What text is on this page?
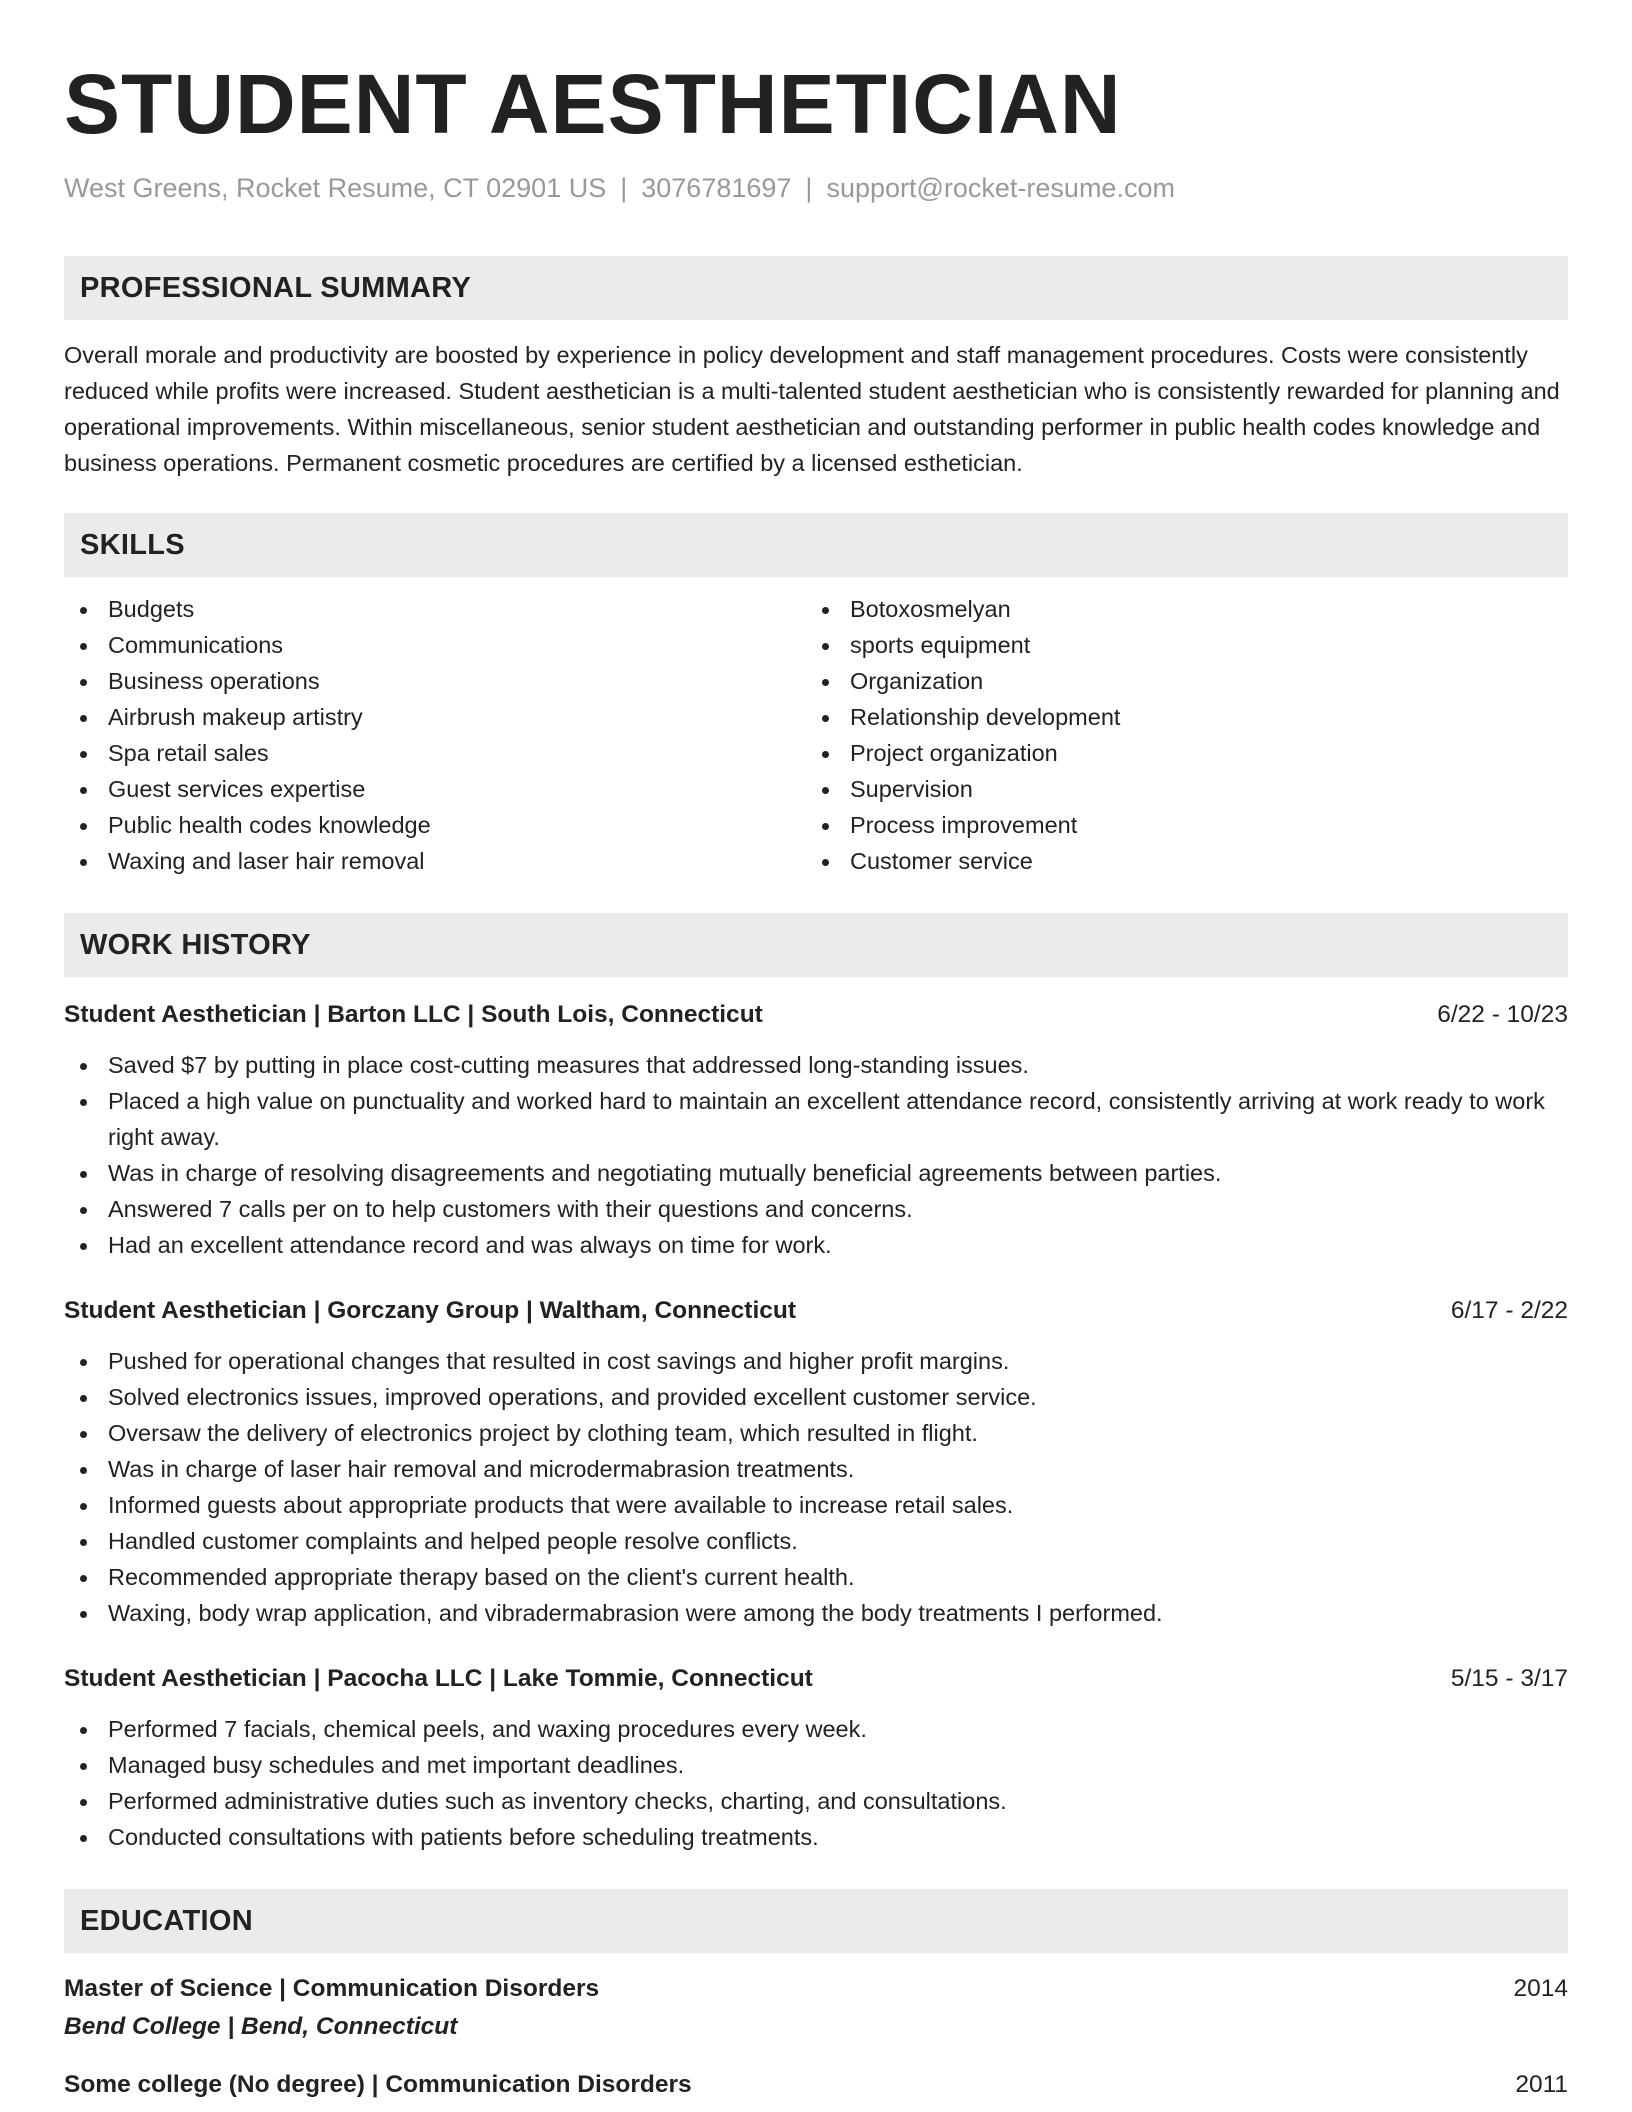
STUDENT AESTHETICIAN
West Greens, Rocket Resume, CT 02901 US | 3076781697 | support@rocket-resume.com
PROFESSIONAL SUMMARY
Overall morale and productivity are boosted by experience in policy development and staff management procedures. Costs were consistently reduced while profits were increased. Student aesthetician is a multi-talented student aesthetician who is consistently rewarded for planning and operational improvements. Within miscellaneous, senior student aesthetician and outstanding performer in public health codes knowledge and business operations. Permanent cosmetic procedures are certified by a licensed esthetician.
SKILLS
Budgets
Communications
Business operations
Airbrush makeup artistry
Spa retail sales
Guest services expertise
Public health codes knowledge
Waxing and laser hair removal
Botoxosmelyan
sports equipment
Organization
Relationship development
Project organization
Supervision
Process improvement
Customer service
WORK HISTORY
Student Aesthetician | Barton LLC | South Lois, Connecticut	6/22 - 10/23
Saved $7 by putting in place cost-cutting measures that addressed long-standing issues.
Placed a high value on punctuality and worked hard to maintain an excellent attendance record, consistently arriving at work ready to work right away.
Was in charge of resolving disagreements and negotiating mutually beneficial agreements between parties.
Answered 7 calls per on to help customers with their questions and concerns.
Had an excellent attendance record and was always on time for work.
Student Aesthetician | Gorczany Group | Waltham, Connecticut	6/17 - 2/22
Pushed for operational changes that resulted in cost savings and higher profit margins.
Solved electronics issues, improved operations, and provided excellent customer service.
Oversaw the delivery of electronics project by clothing team, which resulted in flight.
Was in charge of laser hair removal and microdermabrasion treatments.
Informed guests about appropriate products that were available to increase retail sales.
Handled customer complaints and helped people resolve conflicts.
Recommended appropriate therapy based on the client's current health.
Waxing, body wrap application, and vibradermabrasion were among the body treatments I performed.
Student Aesthetician | Pacocha LLC | Lake Tommie, Connecticut	5/15 - 3/17
Performed 7 facials, chemical peels, and waxing procedures every week.
Managed busy schedules and met important deadlines.
Performed administrative duties such as inventory checks, charting, and consultations.
Conducted consultations with patients before scheduling treatments.
EDUCATION
Master of Science | Communication Disorders	2014
Bend College | Bend, Connecticut
Some college (No degree) | Communication Disorders	2011
